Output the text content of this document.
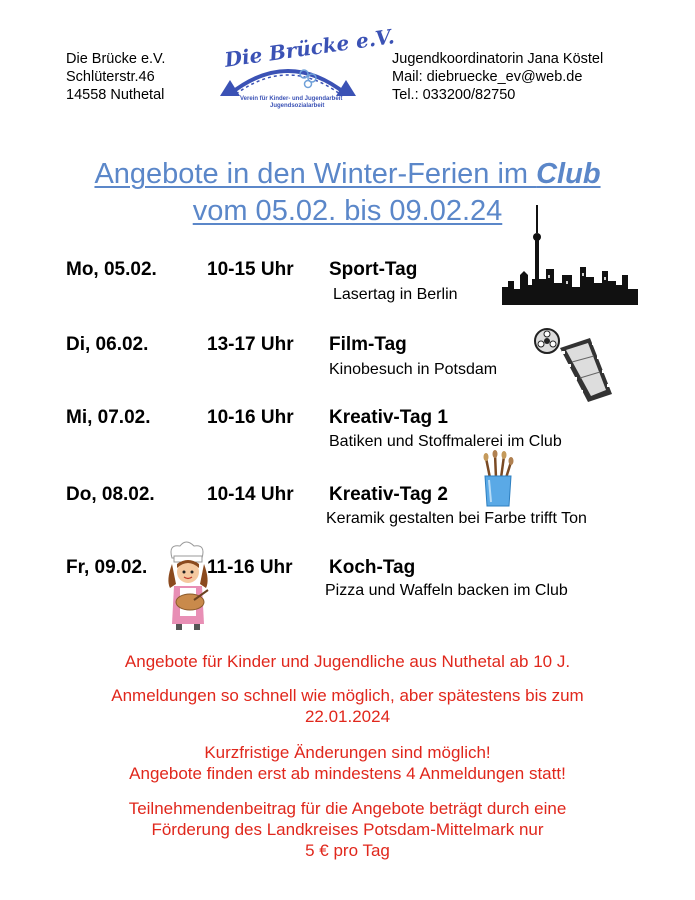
Die Brücke e.V.
Schlüterstr.46
14558 Nuthetal
Die Brücke e.V.
Verein für Kinder- und Jugendarbeit
Jugendsozialarbeit
Jugendkoordinatorin Jana Köstel
Mail: diebruecke_ev@web.de
Tel.: 033200/82750
Angebote in den Winter-Ferien im Club
vom 05.02. bis 09.02.24
Mo, 05.02.	10-15 Uhr Sport-Tag
Lasertag in Berlin
Di, 06.02.	13-17 Uhr Film-Tag
Kinobesuch in Potsdam
Mi, 07.02.	10-16 Uhr Kreativ-Tag 1
Batiken und Stoffmalerei im Club
Do, 08.02.	10-14 Uhr Kreativ-Tag 2
Keramik gestalten bei Farbe trifft Ton
Fr, 09.02.	11-16 Uhr Koch-Tag
Pizza und Waffeln backen im Club
Angebote für Kinder und Jugendliche aus Nuthetal ab 10 J.
Anmeldungen so schnell wie möglich, aber spätestens bis zum
22.01.2024
Kurzfristige Änderungen sind möglich!
Angebote finden erst ab mindestens 4 Anmeldungen statt!
Teilnehmendenbeitrag für die Angebote beträgt durch eine
Förderung des Landkreises Potsdam-Mittelmark nur
5 € pro Tag
